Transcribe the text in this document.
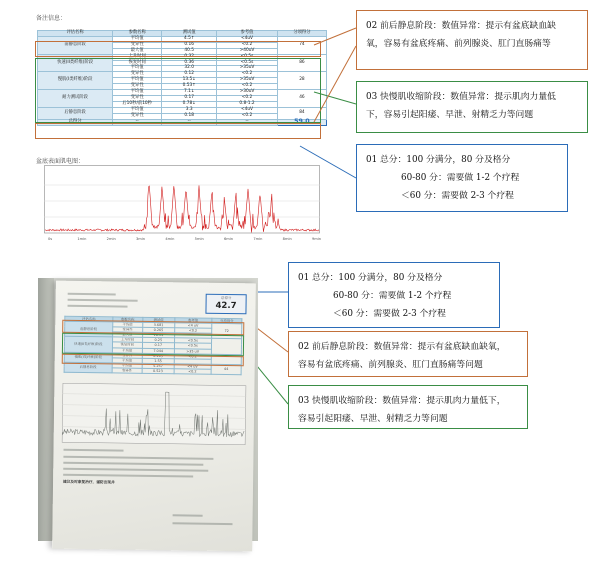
备注信息：
评估名称	参数名称	测试值	参考值	分项得分
前静息阶段	平均值	4.5↑	<4uV	74
	变异性	0.16	<0.2	
	最大值	40.5	>40uV	
快速(II类纤维)阶段	上升时间	0.32	<0.5s	86
	恢复时间	0.36	<0.5s	
	平均值	32.0	>35uV	
慢肌(I类纤维)阶段	变异性	0.12	<0.2	28
	平均值	13.5↓	>35uV	
	变异性	0.53↑	<0.2	
耐力测试阶段	平均值	7.1↓	>30uV	46
	变异性	0.17	<0.2	
	后10秒/前10秒	0.78↓	0.8-1.2	
后静息阶段	平均值	3.3	<4uV	84
	变异性	0.18	<0.2	
总得分	--	--	--	59.0
盆底表面肌电图：
0s	1min	2min	3min	4min	5min	6min	7min	8min	9min
02 前后静息阶段：数值异常：提示有盆底缺血缺
氧，容易有盆底疼痛、前列腺炎、肛门直肠痛等
03 快慢肌收缩阶段：数值异常：提示肌肉力量低
下，容易引起阳痿、早泄、射精乏力等问题
01 总分：100 分满分，80 分及格分
60-80 分：需要做 1-2 个疗程
＜60 分：需要做 2-3 个疗程
01 总分：100 分满分，80 分及格分
60-80 分：需要做 1-2 个疗程
＜60 分：需要做 2-3 个疗程
02 前后静息阶段：数值异常：提示有盆底缺血缺氧，
容易有盆底疼痛、前列腺炎、肛门直肠痛等问题
03 快慢肌收缩阶段：数值异常：提示肌肉力量低下，
容易引起阳痿、早泄、射精乏力等问题
总得分
42.7
评估名称	参数名称	测试值	参考值	分项得分
前静息阶段	平均值	3.681	<4 uV	72
	变异性	0.265	<0.2	
	最大值	18.94		
快速(II类纤维)阶段	上升时间	0.25	<0.5s	
	恢复时间	0.17	<0.5s	
	平均值	7.044	>35 uV	
慢肌(I类纤维)阶段	变异性	0.205	<0.2	
	平均值	1.55		
后静息阶段	平均值	5.257	<4 uV	44
	变异性	0.523	<0.2	
建议及时康复治疗，谨防出现并
